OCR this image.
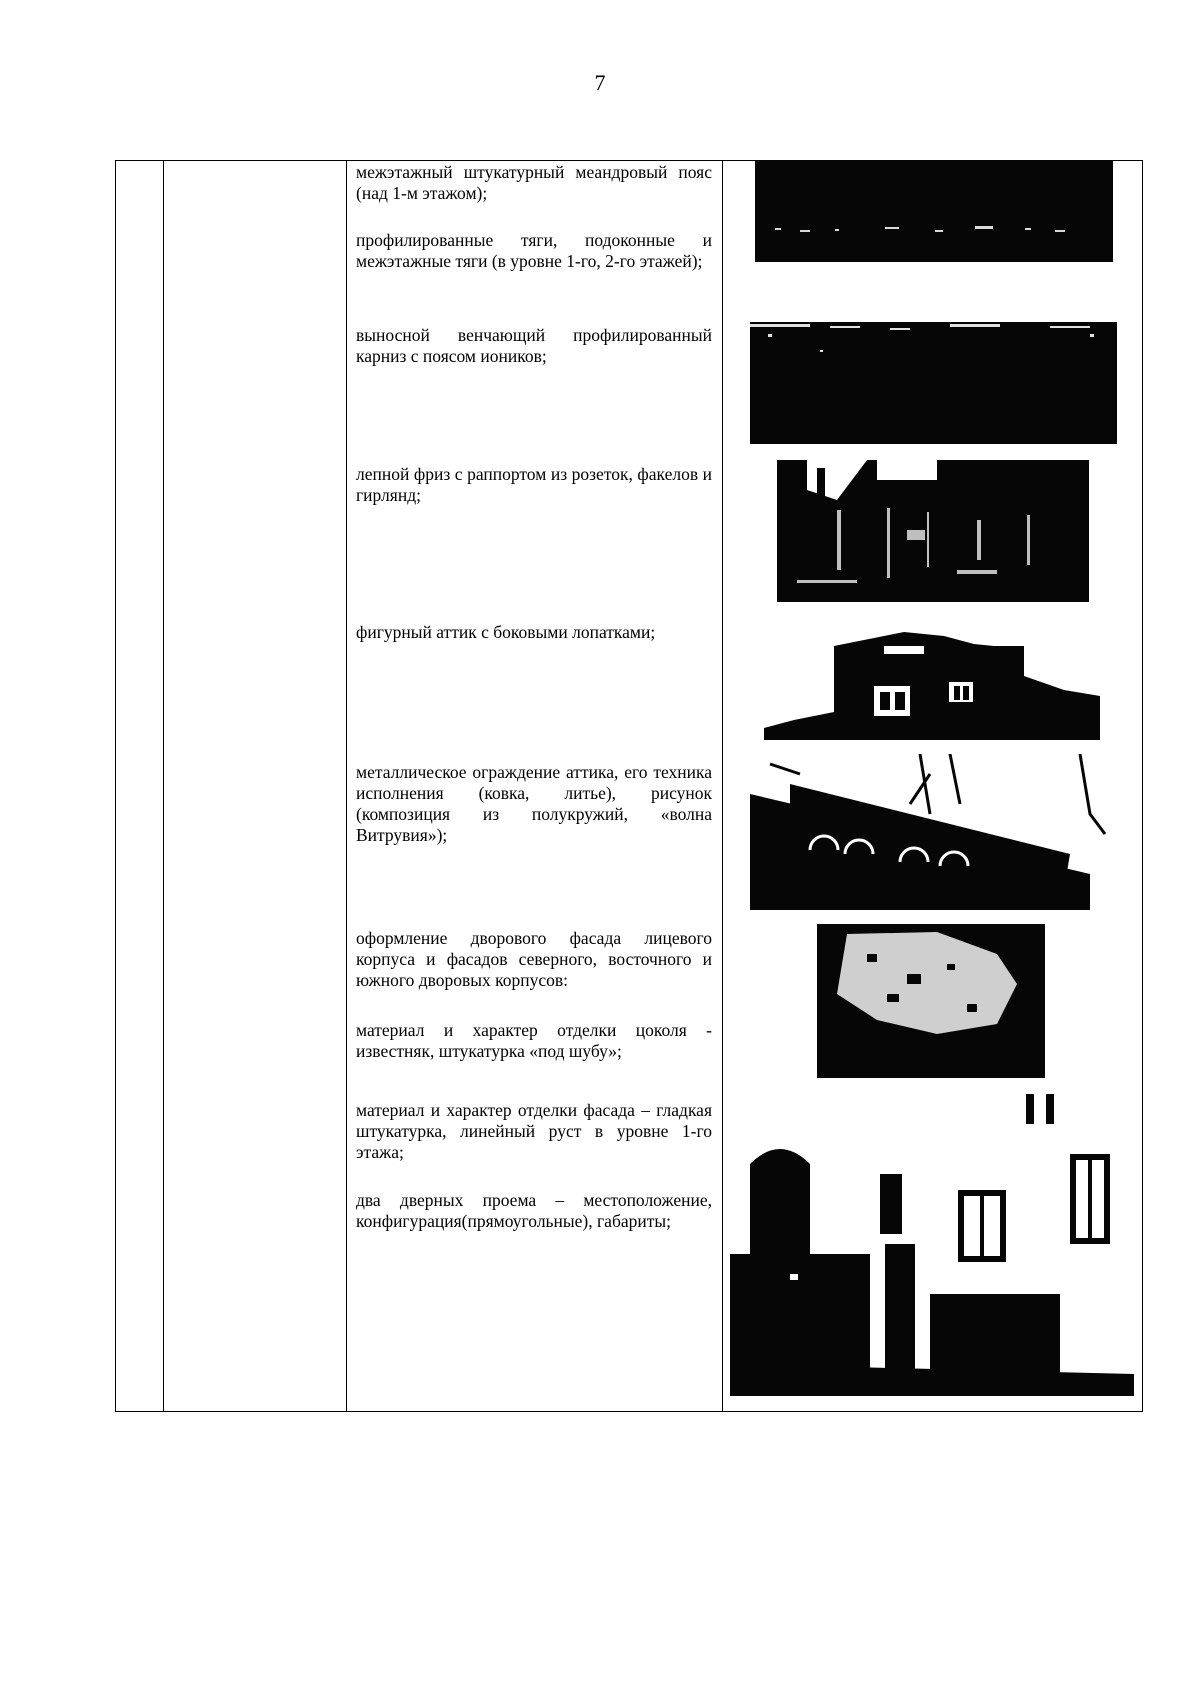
7
межэтажный штукатурный меандровый пояс (над 1-м этажом);
профилированные тяги, подоконные и межэтажные тяги (в уровне 1-го, 2-го этажей);
выносной венчающий профилированный карниз с поясом иоников;
лепной фриз с раппортом из розеток, факелов и гирлянд;
фигурный аттик с боковыми лопатками;
металлическое ограждение аттика, его техника исполнения (ковка, литье), рисунок (композиция из полукружий, «волна Витрувия»);
оформление дворового фасада лицевого корпуса и фасадов северного, восточного и южного дворовых корпусов:
материал и характер отделки цоколя - известняк, штукатурка «под шубу»;
материал и характер отделки фасада – гладкая штукатурка, линейный руст в уровне 1-го этажа;
два дверных проема – местоположение, конфигурация(прямоугольные), габариты;
